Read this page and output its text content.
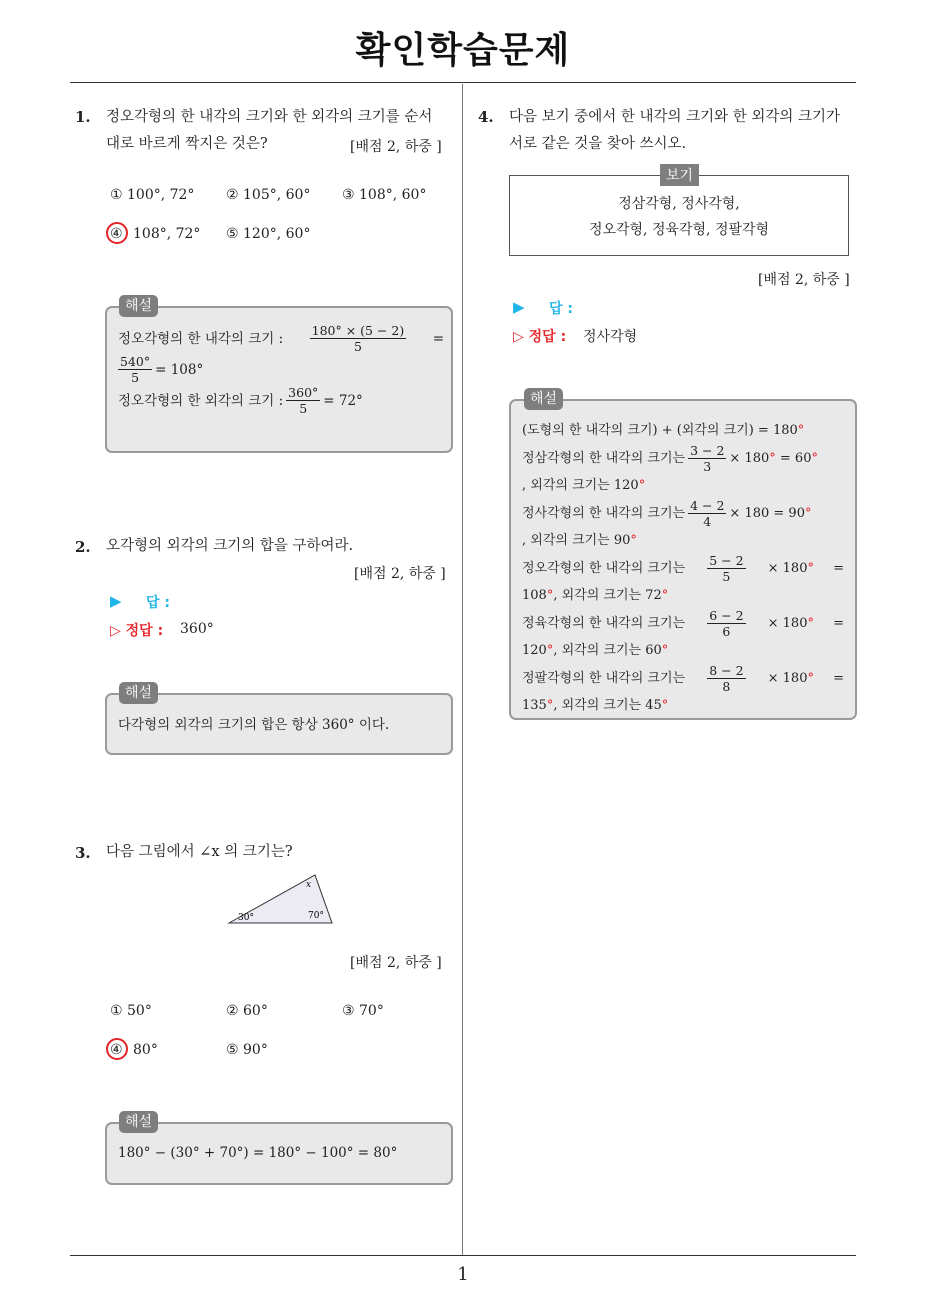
확인학습문제
1
1. 정오각형의 한 내각의 크기와 한 외각의 크기를 순서
대로 바르게 짝지은 것은?	[배점 2, 하중 ]
① 100°, 72° ② 105°, 60° ③ 108°, 60°
④ 108°, 72° ⑤ 120°, 60°
해설
정오각형의 한 내각의 크기 : $\frac{180^\circ \times (5 - 2)}{5}$ =
$\frac{540^\circ}{5} = 108^\circ$
정오각형의 한 외각의 크기 : $\frac{360^\circ}{5} = 72^\circ$
2. 오각형의 외각의 크기의 합을 구하여라.
[배점 2, 하중 ]
▶ 답 :
▷ 정답 : 360°
해설
다각형의 외각의 크기의 합은 항상 360° 이다.
3. 다음 그림에서 ∠x 의 크기는?
x
30°	70°
[배점 2, 하중 ]
① 50°	② 60°	③ 70°
④ 80°	⑤ 90°
해설
180° − (30° + 70°) = 180° − 100° = 80°
4. 다음 보기 중에서 한 내각의 크기와 한 외각의 크기가
서로 같은 것을 찾아 쓰시오.
보기
정삼각형, 정사각형,
정오각형, 정육각형, 정팔각형
[배점 2, 하중 ]
▶ 답 :
▷ 정답 : 정사각형
해설
(도형의 한 내각의 크기) + (외각의 크기) = 180°
정삼각형의 한 내각의 크기는 $\frac{3 - 2}{3} \times 180$ °
= 60 °
, 외각의 크기는 120°
정사각형의 한 내각의 크기는 $\frac{4 - 2}{4} \times 180 = 90$ °
, 외각의 크기는 90°
정오각형의 한 내각의 크기는 $\frac{5 - 2}{5} \times 180^\circ$ =
108°, 외각의 크기는 72°
정육각형의 한 내각의 크기는 $\frac{6 - 2}{6} \times 180^\circ$ =
120°, 외각의 크기는 60°
정팔각형의 한 내각의 크기는 $\frac{8 - 2}{8} \times 180^\circ$ =
135°, 외각의 크기는 45°
